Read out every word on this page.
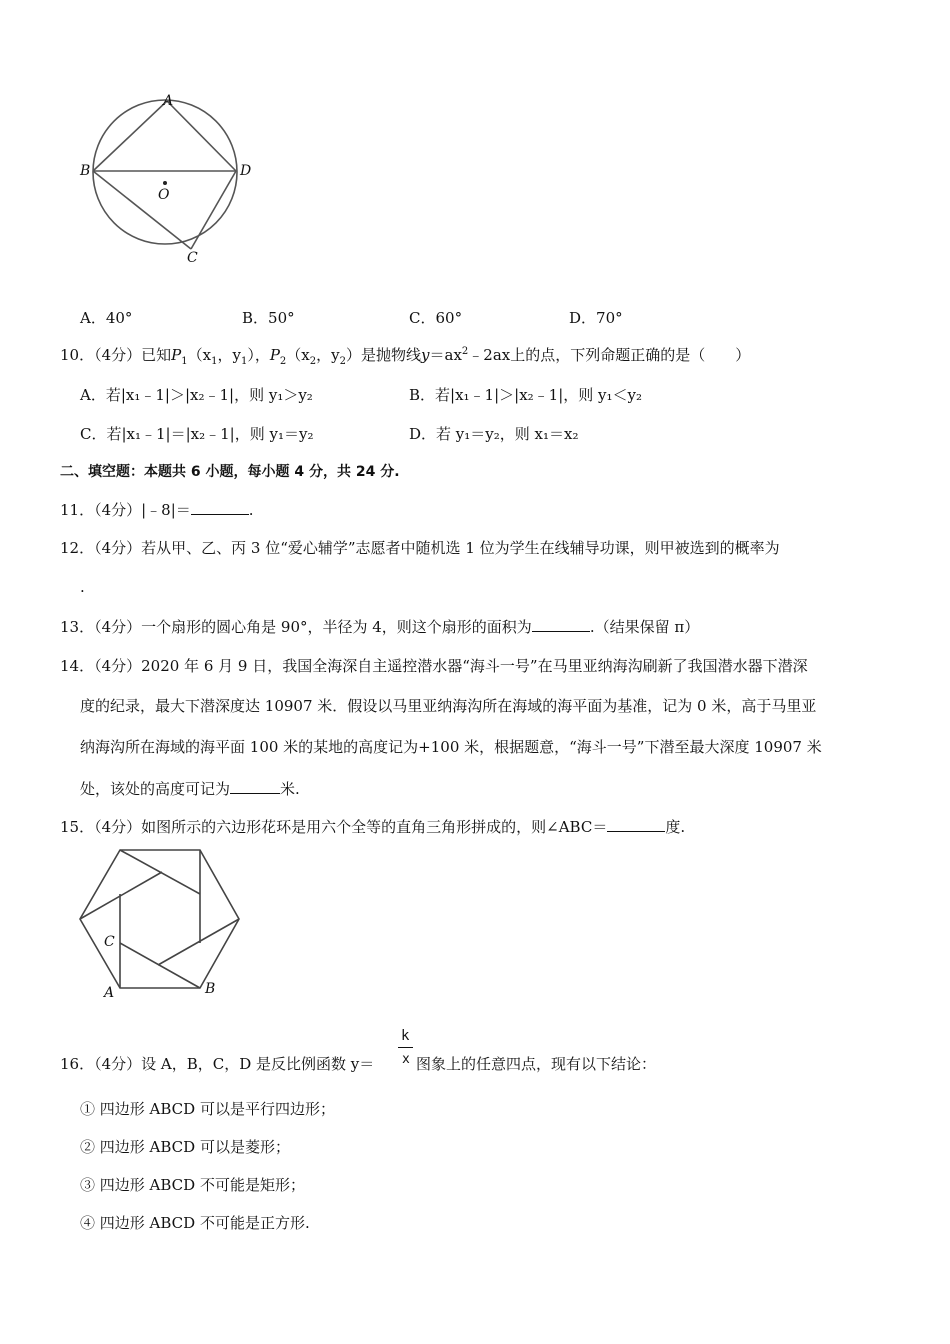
A
B	D
O
C
A．40°	B．50°	C．60°	D．70°
10．（4分）已知$P_1(x_1$，$y_1$），$P_2(x_2$，$y_2$）是抛物线$y=ax^2﹣2ax$上的点，下列命题正确的是（　　）
A．若|x₁﹣1|＞|x₂﹣1|，则 y₁＞y₂	B．若|x₁﹣1|＞|x₂﹣1|，则 y₁＜y₂
C．若|x₁﹣1|＝|x₂﹣1|，则 y₁＝y₂	D．若 y₁＝y₂，则 x₁＝x₂
二、填空题：本题共 6 小题，每小题 4 分，共 24 分.
11．（4分）|﹣8|＝	.
12．（4分）若从甲、乙、丙 3 位“爱心辅学”志愿者中随机选 1 位为学生在线辅导功课，则甲被选到的概率为
.
13．（4分）一个扇形的圆心角是 90°，半径为 4，则这个扇形的面积为	.（结果保留 π）
14．（4分）2020 年 6 月 9 日，我国全海深自主遥控潜水器“海斗一号”在马里亚纳海沟刷新了我国潜水器下潜深
度的纪录，最大下潜深度达 10907 米．假设以马里亚纳海沟所在海域的海平面为基准，记为 0 米，高于马里亚
纳海沟所在海域的海平面 100 米的某地的高度记为+100 米，根据题意，“海斗一号”下潜至最大深度 10907 米
处，该处的高度可记为	米.
15．（4分）如图所示的六边形花环是用六个全等的直角三角形拼成的，则∠ABC＝	度.
C
A	B
16．（4分）设 A，B，C，D 是反比例函数 y＝
k
x 图象上的任意四点，现有以下结论：
① 四边形 ABCD 可以是平行四边形；
② 四边形 ABCD 可以是菱形；
③ 四边形 ABCD 不可能是矩形；
④ 四边形 ABCD 不可能是正方形.
